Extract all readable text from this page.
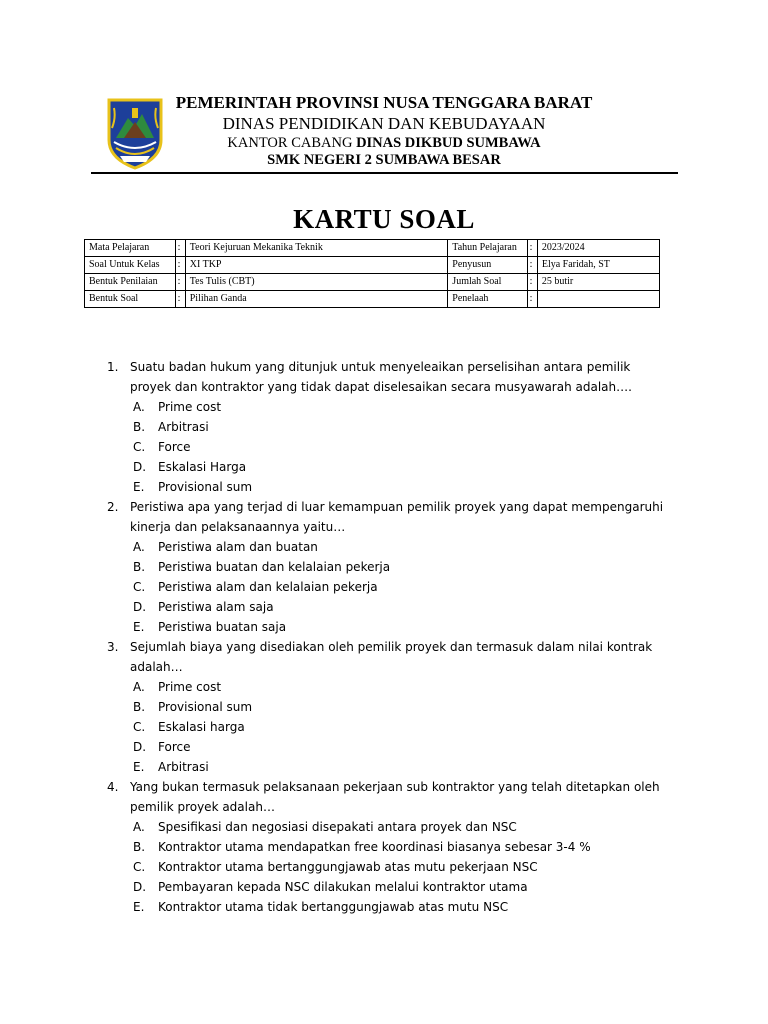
PEMERINTAH PROVINSI NUSA TENGGARA BARAT
DINAS PENDIDIKAN DAN KEBUDAYAAN
KANTOR CABANG DINAS DIKBUD SUMBAWA
SMK NEGERI 2 SUMBAWA BESAR
KARTU SOAL
Mata Pelajaran	:	Teori Kejuruan Mekanika Teknik	Tahun Pelajaran	:	2023/2024
Soal Untuk Kelas	:	XI TKP	Penyusun	:	Elya Faridah, ST
Bentuk Penilaian	:	Tes Tulis (CBT)	Jumlah Soal	:	25 butir
Bentuk Soal	:	Pilihan Ganda	Penelaah	:	
1. Suatu badan hukum yang ditunjuk untuk menyeleaikan perselisihan antara pemilik proyek dan kontraktor yang tidak dapat diselesaikan secara musyawarah adalah….
A. Prime cost
B. Arbitrasi
C. Force
D. Eskalasi Harga
E. Provisional sum
2. Peristiwa apa yang terjad di luar kemampuan pemilik proyek yang dapat mempengaruhi kinerja dan pelaksanaannya yaitu…
A. Peristiwa alam dan buatan
B. Peristiwa buatan dan kelalaian pekerja
C. Peristiwa alam dan kelalaian pekerja
D. Peristiwa alam saja
E. Peristiwa buatan saja
3. Sejumlah biaya yang disediakan oleh pemilik proyek dan termasuk dalam nilai kontrak adalah…
A. Prime cost
B. Provisional sum
C. Eskalasi harga
D. Force
E. Arbitrasi
4. Yang bukan termasuk pelaksanaan pekerjaan sub kontraktor yang telah ditetapkan oleh pemilik proyek adalah…
A. Spesifikasi dan negosiasi disepakati antara proyek dan NSC
B. Kontraktor utama mendapatkan free koordinasi biasanya sebesar 3-4 %
C. Kontraktor utama bertanggungjawab atas mutu pekerjaan NSC
D. Pembayaran kepada NSC dilakukan melalui kontraktor utama
E. Kontraktor utama tidak bertanggungjawab atas mutu NSC
